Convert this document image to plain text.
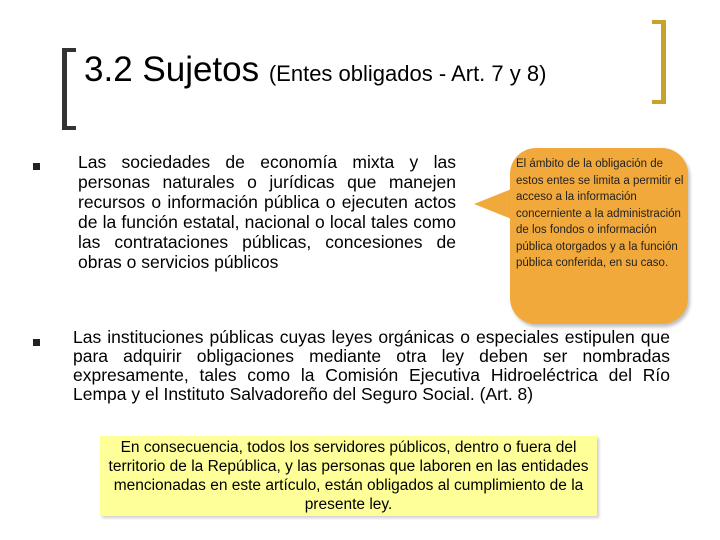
3.2 Sujetos (Entes obligados - Art. 7 y 8)
Las sociedades de economía mixta y las personas naturales o jurídicas que manejen recursos o información pública o ejecuten actos de la función estatal, nacional o local tales como las contrataciones públicas, concesiones de obras o servicios públicos
El ámbito de la obligación de estos entes se limita a permitir el acceso a la información concerniente a la administración de los fondos o información pública otorgados y a la función pública conferida, en su caso.
Las instituciones públicas cuyas leyes orgánicas o especiales estipulen que para adquirir obligaciones mediante otra ley deben ser nombradas expresamente, tales como la Comisión Ejecutiva Hidroeléctrica del Río Lempa y el Instituto Salvadoreño del Seguro Social. (Art. 8)
En consecuencia, todos los servidores públicos, dentro o fuera del territorio de la República, y las personas que laboren en las entidades mencionadas en este artículo, están obligados al cumplimiento de la presente ley.
